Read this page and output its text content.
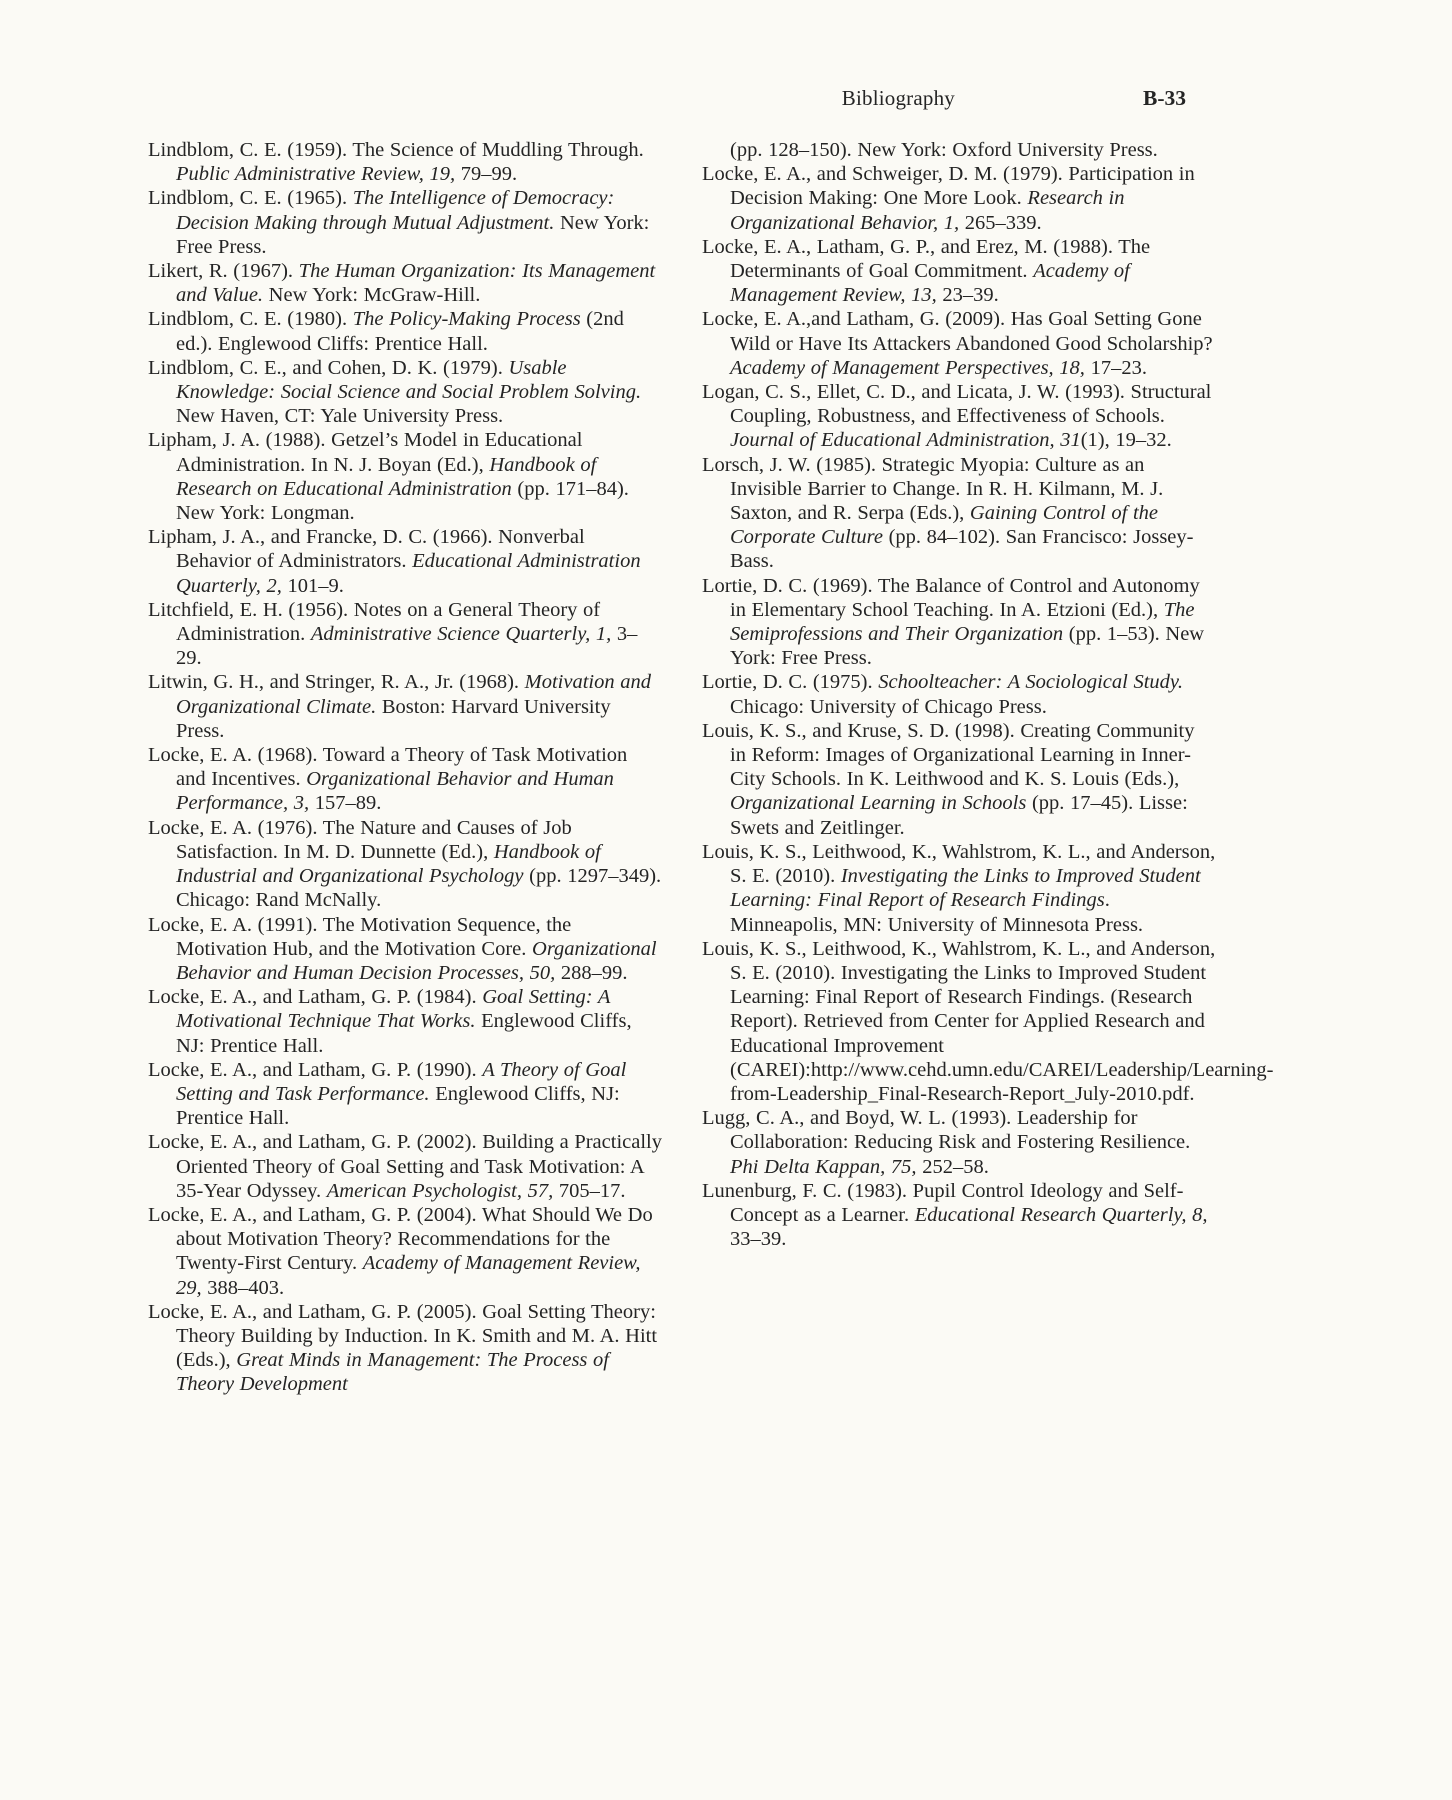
Bibliography	B-33

Lindblom, C. E. (1959). The Science of Muddling Through. Public Administrative Review, 19, 79–99.

Lindblom, C. E. (1965). The Intelligence of Democracy: Decision Making through Mutual Adjustment. New York: Free Press.

Likert, R. (1967). The Human Organization: Its Management and Value. New York: McGraw-Hill.

Lindblom, C. E. (1980). The Policy-Making Process (2nd ed.). Englewood Cliffs: Prentice Hall.

Lindblom, C. E., and Cohen, D. K. (1979). Usable Knowledge: Social Science and Social Problem Solving. New Haven, CT: Yale University Press.

Lipham, J. A. (1988). Getzel’s Model in Educational Administration. In N. J. Boyan (Ed.), Handbook of Research on Educational Administration (pp. 171–84). New York: Longman.

Lipham, J. A., and Francke, D. C. (1966). Nonverbal Behavior of Administrators. Educational Administration Quarterly, 2, 101–9.

Litchfield, E. H. (1956). Notes on a General Theory of Administration. Administrative Science Quarterly, 1, 3–29.

Litwin, G. H., and Stringer, R. A., Jr. (1968). Motivation and Organizational Climate. Boston: Harvard University Press.

Locke, E. A. (1968). Toward a Theory of Task Motivation and Incentives. Organizational Behavior and Human Performance, 3, 157–89.

Locke, E. A. (1976). The Nature and Causes of Job Satisfaction. In M. D. Dunnette (Ed.), Handbook of Industrial and Organizational Psychology (pp. 1297–349). Chicago: Rand McNally.

Locke, E. A. (1991). The Motivation Sequence, the Motivation Hub, and the Motivation Core. Organizational Behavior and Human Decision Processes, 50, 288–99.

Locke, E. A., and Latham, G. P. (1984). Goal Setting: A Motivational Technique That Works. Englewood Cliffs, NJ: Prentice Hall.

Locke, E. A., and Latham, G. P. (1990). A Theory of Goal Setting and Task Performance. Englewood Cliffs, NJ: Prentice Hall.

Locke, E. A., and Latham, G. P. (2002). Building a Practically Oriented Theory of Goal Setting and Task Motivation: A 35-Year Odyssey. American Psychologist, 57, 705–17.

Locke, E. A., and Latham, G. P. (2004). What Should We Do about Motivation Theory? Recommendations for the Twenty-First Century. Academy of Management Review, 29, 388–403.

Locke, E. A., and Latham, G. P. (2005). Goal Setting Theory: Theory Building by Induction. In K. Smith and M. A. Hitt (Eds.), Great Minds in Management: The Process of Theory Development

(pp. 128–150). New York: Oxford University Press.

Locke, E. A., and Schweiger, D. M. (1979). Participation in Decision Making: One More Look. Research in Organizational Behavior, 1, 265–339.

Locke, E. A., Latham, G. P., and Erez, M. (1988). The Determinants of Goal Commitment. Academy of Management Review, 13, 23–39.

Locke, E. A.,and Latham, G. (2009). Has Goal Setting Gone Wild or Have Its Attackers Abandoned Good Scholarship? Academy of Management Perspectives, 18, 17–23.

Logan, C. S., Ellet, C. D., and Licata, J. W. (1993). Structural Coupling, Robustness, and Effectiveness of Schools. Journal of Educational Administration, 31(1), 19–32.

Lorsch, J. W. (1985). Strategic Myopia: Culture as an Invisible Barrier to Change. In R. H. Kilmann, M. J. Saxton, and R. Serpa (Eds.), Gaining Control of the Corporate Culture (pp. 84–102). San Francisco: Jossey-Bass.

Lortie, D. C. (1969). The Balance of Control and Autonomy in Elementary School Teaching. In A. Etzioni (Ed.), The Semiprofessions and Their Organization (pp. 1–53). New York: Free Press.

Lortie, D. C. (1975). Schoolteacher: A Sociological Study. Chicago: University of Chicago Press.

Louis, K. S., and Kruse, S. D. (1998). Creating Community in Reform: Images of Organizational Learning in Inner-City Schools. In K. Leithwood and K. S. Louis (Eds.), Organizational Learning in Schools (pp. 17–45). Lisse: Swets and Zeitlinger.

Louis, K. S., Leithwood, K., Wahlstrom, K. L., and Anderson, S. E. (2010). Investigating the Links to Improved Student Learning: Final Report of Research Findings. Minneapolis, MN: University of Minnesota Press.

Louis, K. S., Leithwood, K., Wahlstrom, K. L., and Anderson, S. E. (2010). Investigating the Links to Improved Student Learning: Final Report of Research Findings. (Research Report). Retrieved from Center for Applied Research and Educational Improvement (CAREI):http://www.cehd.umn.edu/CAREI/Leadership/Learning-from-Leadership_Final-Research-Report_July-2010.pdf.

Lugg, C. A., and Boyd, W. L. (1993). Leadership for Collaboration: Reducing Risk and Fostering Resilience. Phi Delta Kappan, 75, 252–58.

Lunenburg, F. C. (1983). Pupil Control Ideology and Self-Concept as a Learner. Educational Research Quarterly, 8, 33–39.
